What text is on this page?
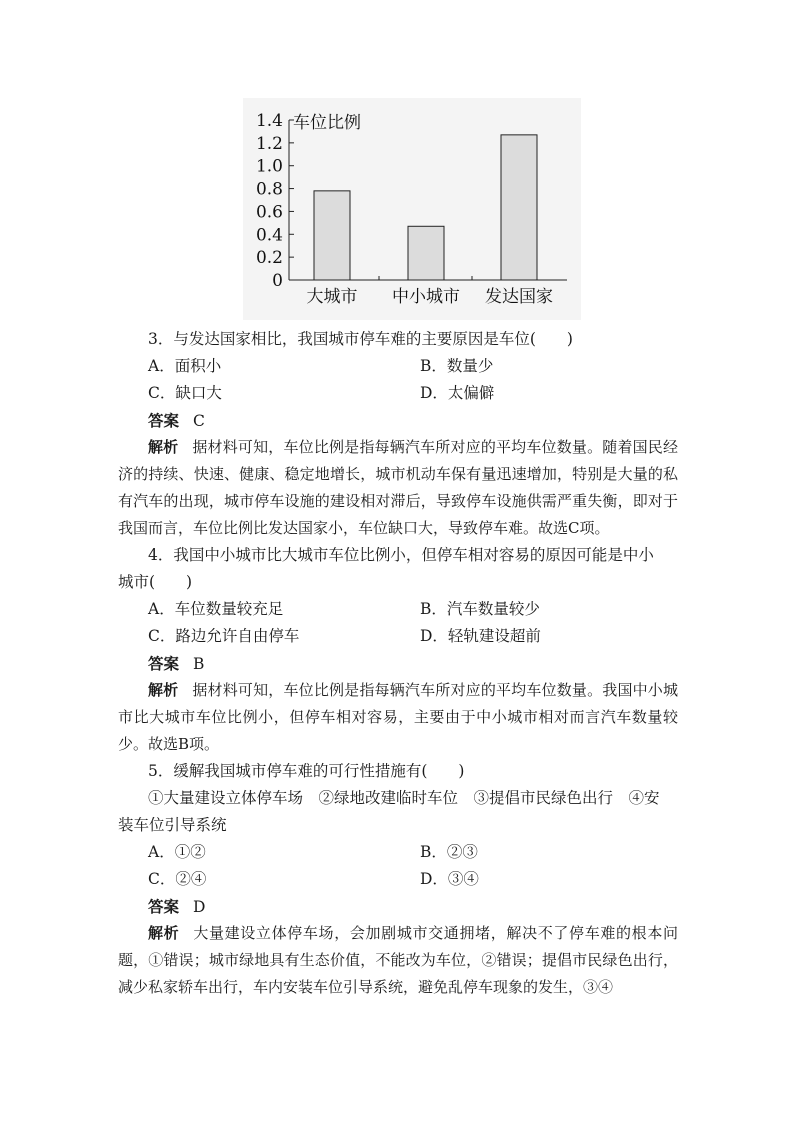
0
0.2
0.4
0.6
0.8
1.0
1.2
1.4 车位比例
大城市 中小城市 发达国家
3．与发达国家相比，我国城市停车难的主要原因是车位(　　)
A．面积小	B．数量少
C．缺口大	D．太偏僻
答案 C

解析 据材料可知，车位比例是指每辆汽车所对应的平均车位数量。随着国民经济的持续、快速、健康、稳定地增长，城市机动车保有量迅速增加，特别是大量的私有汽车的出现，城市停车设施的建设相对滞后，导致停车设施供需严重失衡，即对于我国而言，车位比例比发达国家小，车位缺口大，导致停车难。故选C项。

4．我国中小城市比大城市车位比例小，但停车相对容易的原因可能是中小
城市(　　)
A．车位数量较充足	B．汽车数量较少
C．路边允许自由停车	D．轻轨建设超前
答案 B

解析 据材料可知，车位比例是指每辆汽车所对应的平均车位数量。我国中小城市比大城市车位比例小，但停车相对容易，主要由于中小城市相对而言汽车数量较少。故选B项。

5．缓解我国城市停车难的可行性措施有(　　)
①大量建设立体停车场　②绿地改建临时车位　③提倡市民绿色出行　④安
装车位引导系统
A．①②	B．②③
C．②④	D．③④
答案 D

解析 大量建设立体停车场，会加剧城市交通拥堵，解决不了停车难的根本问题，①错误；城市绿地具有生态价值，不能改为车位，②错误；提倡市民绿色出行，减少私家轿车出行，车内安装车位引导系统，避免乱停车现象的发生，③④
